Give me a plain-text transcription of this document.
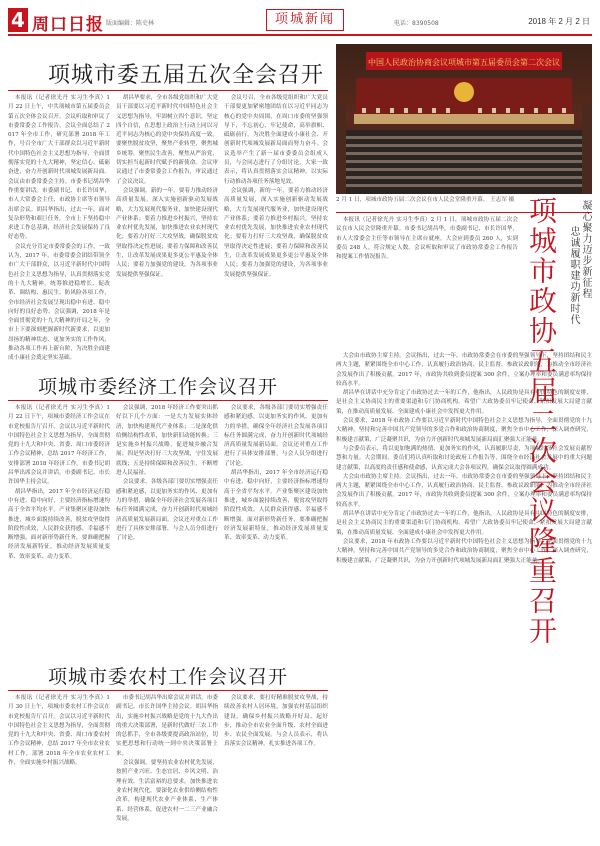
4 周口日报 版面编辑：陈史林	项城新闻	电话：8390508	2018 年 2 月 2 日
项城市委五届五次全会召开

本报讯（记者徐光丹 实习生李真）1 月 22 日上午，中共项城市第五届委员会第五次全体会议召开。会议听取和审议了市委常委会工作报告，会议全面总结了 2017 年全市工作，研究部署 2018 年工作，号召全市广大干部群众以习近平新时代中国特色社会主义思想为指导，全面贯彻落实党的十九大精神，坚定信心、砥砺奋进，奋力开创新时代项城发展新局面。会议由市委常委会主持。市委书记胡昌华作重要讲话。市委副书记、市长许国华，市人大常委会主任、市政协主席等市领导出席会议。胡昌华指出，过去一年，面对复杂形势和艰巨任务，全市上下坚持稳中求进工作总基调，经济社会发展保持了良好态势。

会议充分肯定市委常委会的工作，一致认为，2017 年，市委常委会团结带领全市广大干部群众，以习近平新时代中国特色社会主义思想为指导，认真贯彻落实党的十九大精神，统筹推进稳增长、促改革、调结构、惠民生、防风险各项工作，全市经济社会发展呈现出稳中有进、稳中向好的良好态势。会议强调，2018 年是全面贯彻党的十九大精神的开局之年，全市上下要深刻把握新时代新要求，以更加昂扬的精神状态、更加务实的工作作风，推动各项工作再上新台阶，为决胜全面建成小康社会奠定坚实基础。

胡昌华要求，全市各级党组织和广大党员干部要以习近平新时代中国特色社会主义思想为指导，牢固树立四个意识，坚定四个自信，在思想上政治上行动上同以习近平同志为核心的党中央保持高度一致。要聚焦脱贫攻坚，聚焦产业转型，聚焦城乡统筹，聚焦民生改善，聚焦从严治党，切实担当起新时代赋予的新使命。会议审议通过了市委常委会工作报告，审议通过了会议决议。

会议强调，新的一年，要着力推动经济高质量发展，深入实施创新驱动发展战略，大力发展现代服务业，加快建设现代产业体系；要着力推进乡村振兴，坚持农业农村优先发展，加快推进农业农村现代化；要着力打好三大攻坚战，确保脱贫攻坚取得决定性进展；要着力保障和改善民生，让改革发展成果更多更公平惠及全体人民；要着力加强党的建设，为各项事业发展提供坚强保证。

会议号召，全市各级党组织和广大党员干部要更加紧密地团结在以习近平同志为核心的党中央周围，在周口市委的坚强领导下，不忘初心、牢记使命，高举旗帜、砥砺前行，为决胜全面建成小康社会、开创新时代项城发展新局面而努力奋斗。会议选举产生了新一届市委委员会组成人员，与会同志进行了分组讨论，大家一致表示，将认真贯彻落实会议精神，以实际行动推动各项任务落地见效。

会议强调，新的一年，要着力推动经济高质量发展，深入实施创新驱动发展战略，大力发展现代服务业，加快建设现代产业体系；要着力推进乡村振兴，坚持农业农村优先发展，加快推进农业农村现代化；要着力打好三大攻坚战，确保脱贫攻坚取得决定性进展；要着力保障和改善民生，让改革发展成果更多更公平惠及全体人民；要着力加强党的建设，为各项事业发展提供坚强保证。

项城市委经济工作会议召开

本报讯（记者徐光丹 实习生李真）1 月 22 日下午，项城市委经济工作会议在市党校报告厅召开。会议以习近平新时代中国特色社会主义思想为指导，全面贯彻党的十九大和中央、省委、周口市委经济工作会议精神，总结 2017 年经济工作，安排部署 2018 年经济工作。市委书记胡昌华出席会议并讲话。市委副书记、市长许国华主持会议。

胡昌华指出，2017 年全市经济运行稳中有进、稳中向好，主要经济指标增速均高于全省平均水平。产业集聚区建设加快推进，城乡面貌持续改善，脱贫攻坚取得阶段性成效，人民群众获得感、幸福感不断增强。面对新形势新任务，要准确把握经济发展新特征，推动经济发展质量变革、效率变革、动力变革。

会议强调，2018 年经济工作要突出抓好以下几个方面：一是大力发展实体经济，加快构建现代产业体系；二是深化供给侧结构性改革，加快新旧动能转换；三是实施乡村振兴战略，促进城乡融合发展；四是坚决打好三大攻坚战，守住发展底线；五是持续保障和改善民生，不断增进人民福祉。

会议要求，各级各部门要切实增强责任感和紧迫感，以更加务实的作风、更加有力的举措，确保全年经济社会发展各项目标任务圆满完成，奋力开创新时代项城经济高质量发展新局面。会议还对重点工作进行了具体安排部署，与会人员分组进行了讨论。

会议要求，各级各部门要切实增强责任感和紧迫感，以更加务实的作风、更加有力的举措，确保全年经济社会发展各项目标任务圆满完成，奋力开创新时代项城经济高质量发展新局面。会议还对重点工作进行了具体安排部署，与会人员分组进行了讨论。

胡昌华指出，2017 年全市经济运行稳中有进、稳中向好，主要经济指标增速均高于全省平均水平。产业集聚区建设加快推进，城乡面貌持续改善，脱贫攻坚取得阶段性成效，人民群众获得感、幸福感不断增强。面对新形势新任务，要准确把握经济发展新特征，推动经济发展质量变革、效率变革、动力变革。

项城市委农村工作会议召开

本报讯（记者徐光丹 实习生李真）1 月 30 日上午，项城市委农村工作会议在市党校报告厅召开。会议以习近平新时代中国特色社会主义思想为指导，全面贯彻党的十九大和中央、省委、周口市委农村工作会议精神，总结 2017 年全市农业农村工作，部署 2018 年全市农业农村工作，全面实施乡村振兴战略。

市委书记胡昌华出席会议并讲话，市委副书记、市长许国华主持会议。胡昌华指出，实施乡村振兴战略是党的十九大作出的重大决策部署，是新时代做好三农工作的总抓手，全市各级要提高政治站位，切实把思想和行动统一到中央决策部署上来。

会议强调，要坚持农业农村优先发展，按照产业兴旺、生态宜居、乡风文明、治理有效、生活富裕的总要求，加快推进农业农村现代化。要深化农业供给侧结构性改革，构建现代农业产业体系、生产体系、经营体系，促进农村一二三产业融合发展。

会议要求，要打好精准脱贫攻坚战，持续改善农村人居环境，加强农村基层组织建设，确保乡村振兴战略开好局、起好步，推动全市农业全面升级、农村全面进步、农民全面发展。与会人员表示，将认真落实会议精神，扎实推进各项工作。

中国人民政治协商会议项城市第五届委员会第二次会议
2 月 1 日，项城市政协五届二次会议在市人民会堂隆重开幕。 王志军 摄 项城市政协五届二次会议隆重召开 凝心聚力迈步新征程
忠诚履职建功新时代

本报讯（记者徐光丹 实习生李真）2 月 1 日，项城市政协五届二次会议在市人民会堂隆重开幕。市委书记胡昌华，市委副书记、市长许国华，市人大常委会主任等市领导在主席台就座。大会应到委员 260 人，实到委员 248 人，符合规定人数。会议听取和审议了市政协常委会工作报告和提案工作情况报告。

大会由市政协主席主持。会议指出，过去一年，市政协常委会在市委的坚强领导下，坚持团结和民主两大主题，紧紧围绕全市中心工作，认真履行政治协商、民主监督、参政议政职能，为推动全市经济社会发展作出了积极贡献。2017 年，市政协共收到委员提案 300 余件，立案办理率和委员满意率均保持较高水平。

胡昌华在讲话中充分肯定了市政协过去一年的工作，他指出，人民政协是具有中国特色的制度安排，是社会主义协商民主的重要渠道和专门协商机构。希望广大政协委员牢记使命，紧扣发展大局建言献策，在推动高质量发展、全面建成小康社会中发挥更大作用。

会议要求，2018 年市政协工作要以习近平新时代中国特色社会主义思想为指导，全面贯彻党的十九大精神，坚持和完善中国共产党领导的多党合作和政治协商制度，聚焦全市中心工作，深入调查研究，积极建言献策，广泛凝聚共识，为奋力开创新时代项城发展新局面汇聚强大正能量。

与会委员表示，将以更加饱满的热情、更加务实的作风，认真履职尽责，为项城经济社会发展贡献智慧和力量。大会期间，委员们将认真听取和讨论政府工作报告等，围绕全市经济社会发展中的重大问题建言献策，以高度的责任感和使命感，认真完成大会各项议程，确保会议取得圆满成功。

大会由市政协主席主持。会议指出，过去一年，市政协常委会在市委的坚强领导下，坚持团结和民主两大主题，紧紧围绕全市中心工作，认真履行政治协商、民主监督、参政议政职能，为推动全市经济社会发展作出了积极贡献。2017 年，市政协共收到委员提案 300 余件，立案办理率和委员满意率均保持较高水平。

胡昌华在讲话中充分肯定了市政协过去一年的工作，他指出，人民政协是具有中国特色的制度安排，是社会主义协商民主的重要渠道和专门协商机构。希望广大政协委员牢记使命，紧扣发展大局建言献策，在推动高质量发展、全面建成小康社会中发挥更大作用。

会议要求，2018 年市政协工作要以习近平新时代中国特色社会主义思想为指导，全面贯彻党的十九大精神，坚持和完善中国共产党领导的多党合作和政治协商制度，聚焦全市中心工作，深入调查研究，积极建言献策，广泛凝聚共识，为奋力开创新时代项城发展新局面汇聚强大正能量。
